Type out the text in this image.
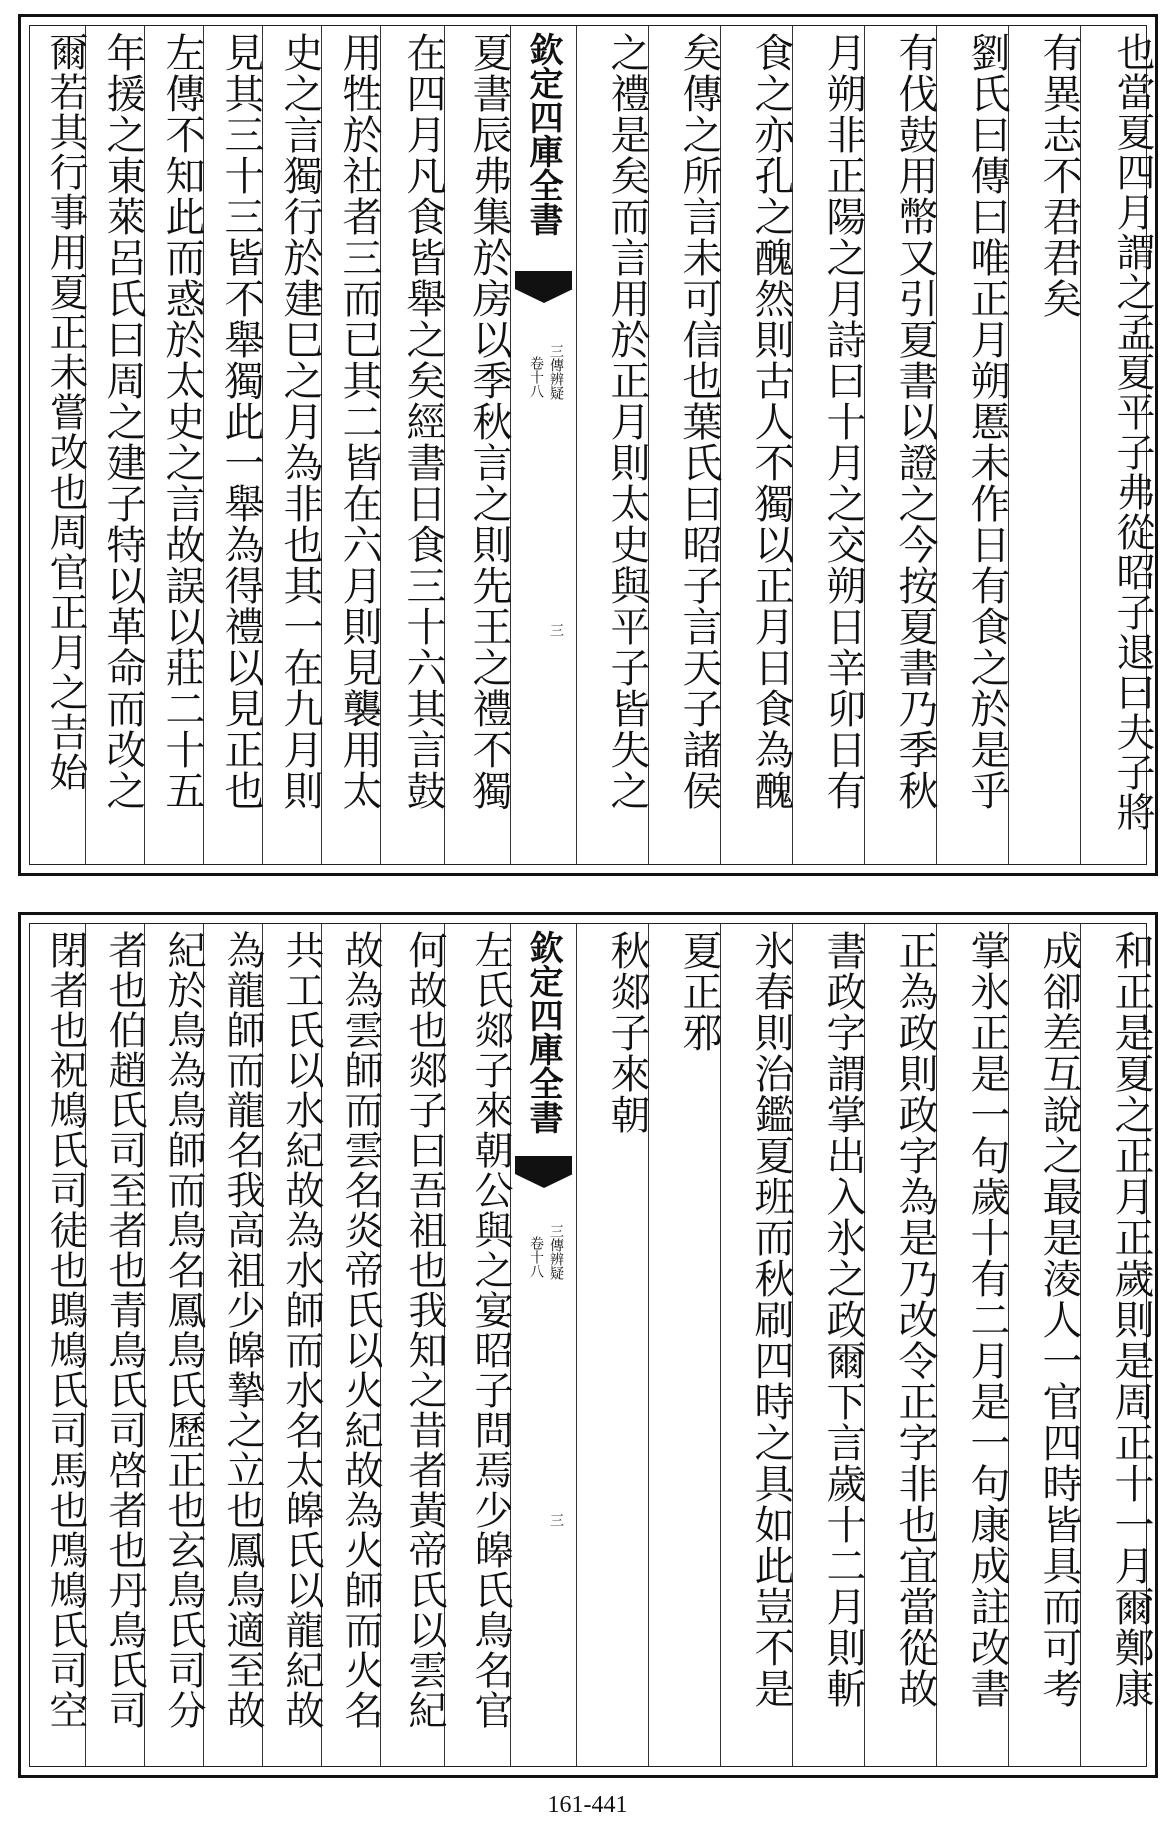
也當夏四月謂之孟夏平子弗從昭子退曰夫子將
有異志不君君矣
劉氏曰傳曰唯正月朔慝未作日有食之於是乎
有伐鼓用幣又引夏書以證之今按夏書乃季秋
月朔非正陽之月詩曰十月之交朔日辛卯日有
食之亦孔之醜然則古人不獨以正月日食為醜
矣傳之所言未可信也葉氏曰昭子言天子諸侯
之禮是矣而言用於正月則太史與平子皆失之
欽定四庫全書
三傳辨疑
卷十八
三
夏書辰弗集於房以季秋言之則先王之禮不獨
在四月凡食皆舉之矣經書日食三十六其言鼓
用牲於社者三而已其二皆在六月則見襲用太
史之言獨行於建巳之月為非也其一在九月則
見其三十三皆不舉獨此一舉為得禮以見正也
左傳不知此而惑於太史之言故誤以莊二十五
年援之東萊呂氏曰周之建子特以革命而改之
爾若其行事用夏正未嘗改也周官正月之吉始
和正是夏之正月正歲則是周正十一月爾鄭康
成卻差互說之最是淩人一官四時皆具而可考
掌氷正是一句歲十有二月是一句康成註改書
正為政則政字為是乃改令正字非也宜當從故
書政字謂掌出入氷之政爾下言歲十二月則斬
氷春則治鑑夏班而秋刷四時之具如此豈不是
夏正邪
秋郯子來朝
欽定四庫全書
三傳辨疑
卷十八
三
左氏郯子來朝公與之宴昭子問焉少皞氏鳥名官
何故也郯子曰吾祖也我知之昔者黃帝氏以雲紀
故為雲師而雲名炎帝氏以火紀故為火師而火名
共工氏以水紀故為水師而水名太皞氏以龍紀故
為龍師而龍名我高祖少皞摯之立也鳳鳥適至故
紀於鳥為鳥師而鳥名鳳鳥氏歷正也玄鳥氏司分
者也伯趙氏司至者也青鳥氏司啓者也丹鳥氏司
閉者也祝鳩氏司徒也鴡鳩氏司馬也鳲鳩氏司空
161-441
